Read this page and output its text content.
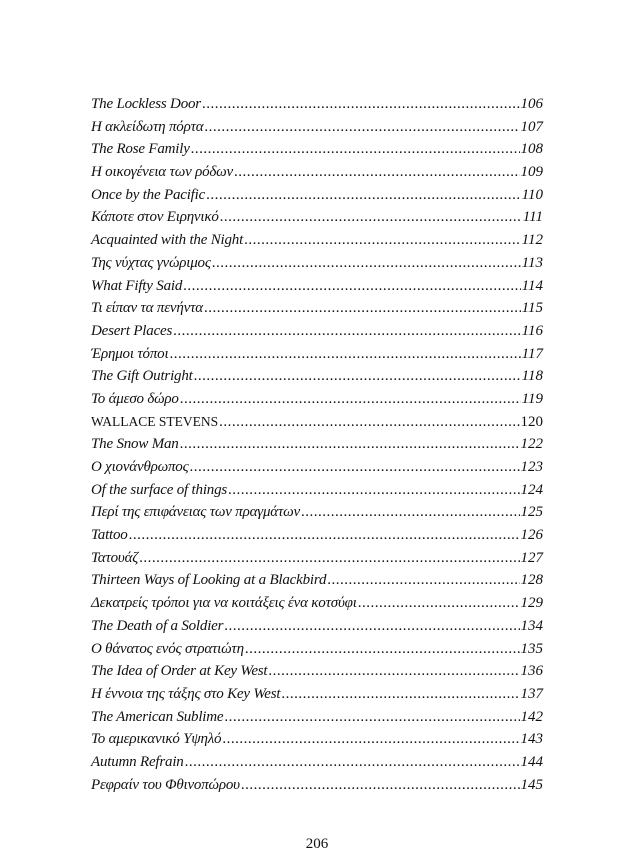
The Lockless Door .....	106
Η ακλείδωτη πόρτα .....	107
The Rose Family .....	108
Η οικογένεια των ρόδων .....	109
Once by the Pacific .....	110
Κάποτε στον Ειρηνικό .....	111
Acquainted with the Night .....	112
Της νύχτας γνώριμος .....	113
What Fifty Said .....	114
Τι είπαν τα πενήντα .....	115
Desert Places .....	116
Έρημοι τόποι .....	117
The Gift Outright .....	118
Το άμεσο δώρο .....	119
WALLACE STEVENS .....	120
The Snow Man .....	122
Ο χιονάνθρωπος .....	123
Of the surface of things .....	124
Περί της επιφάνειας των πραγμάτων .....	125
Tattoo .....	126
Τατουάζ .....	127
Thirteen Ways of Looking at a Blackbird .....	128
Δεκατρείς τρόποι για να κοιτάξεις ένα κοτσύφι .....	129
The Death of a Soldier .....	134
Ο θάνατος ενός στρατιώτη .....	135
The Idea of Order at Key West .....	136
Η έννοια της τάξης στο Key West .....	137
The American Sublime .....	142
Το αμερικανικό Υψηλό .....	143
Autumn Refrain .....	144
Ρεφραίν του Φθινοπώρου .....	145
206
